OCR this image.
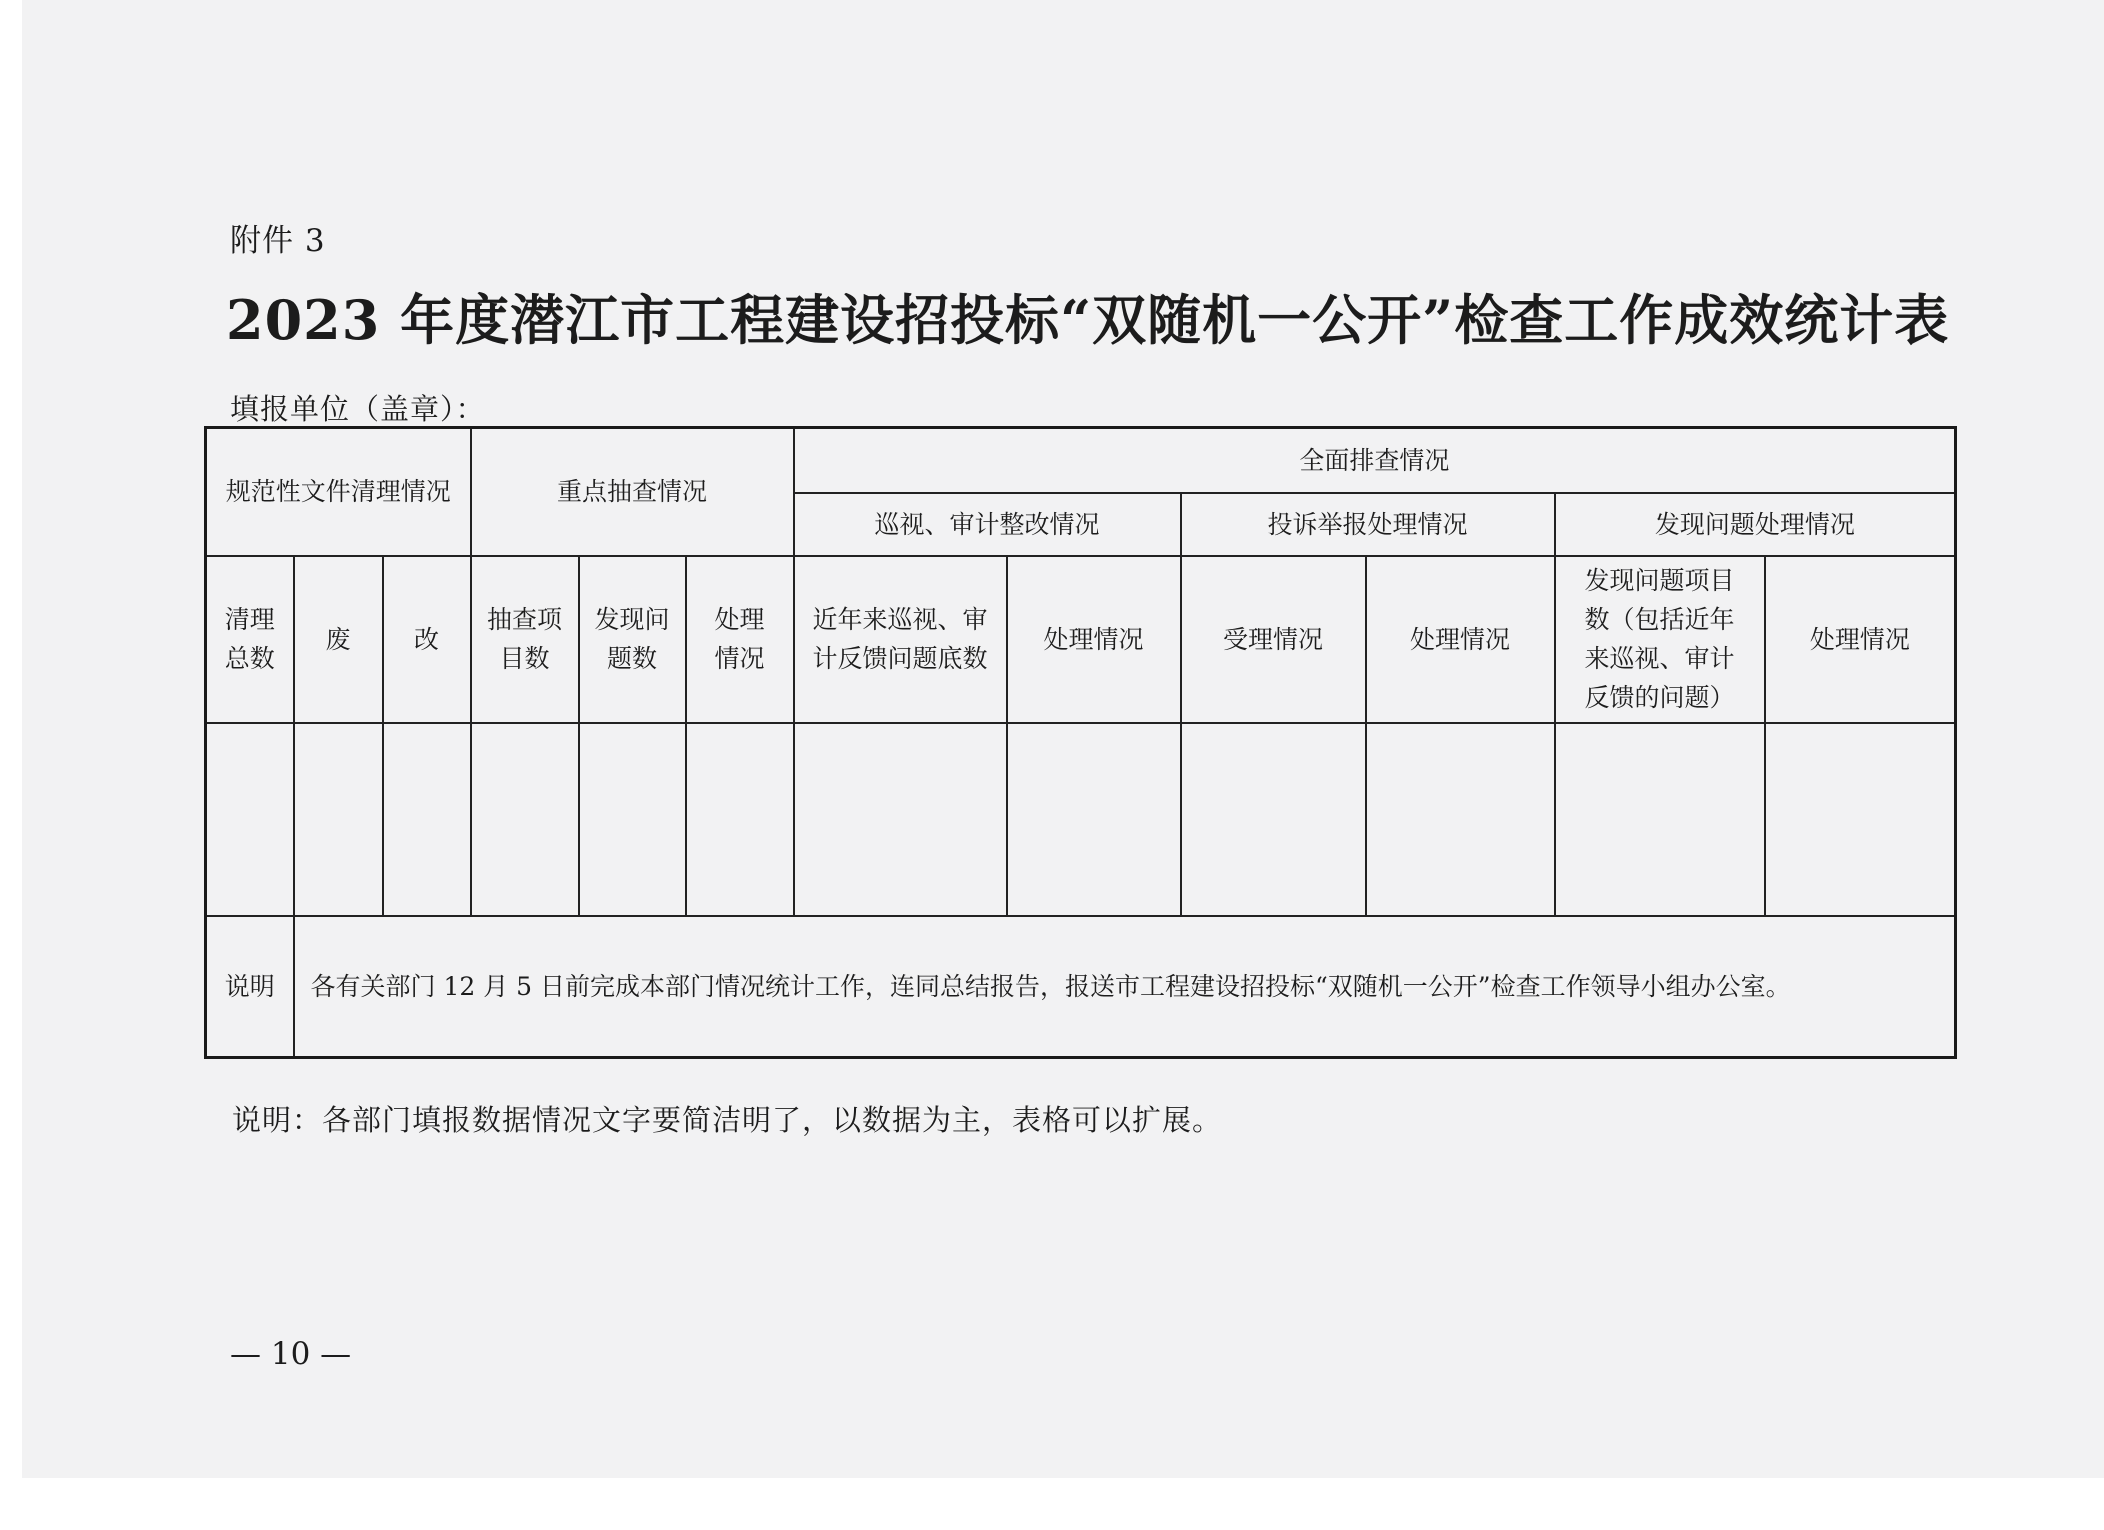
附件 3
2023 年度潜江市工程建设招投标“双随机一公开”检查工作成效统计表
填报单位（盖章）：
规范性文件清理情况			重点抽查情况			全面排查情况					
						巡视、审计整改情况		投诉举报处理情况		发现问题处理情况	

清理总数	废	改	抽查项目数	发现问题数	处理情况	近年来巡视、审计反馈问题底数	处理情况	受理情况	处理情况	发现问题项目数（包括近年来巡视、审计反馈的问题）	处理情况

说明	各有关部门 12 月 5 日前完成本部门情况统计工作，连同总结报告，报送市工程建设招投标“双随机一公开”检查工作领导小组办公室。										
说明：各部门填报数据情况文字要简洁明了，以数据为主，表格可以扩展。
— 10 —
